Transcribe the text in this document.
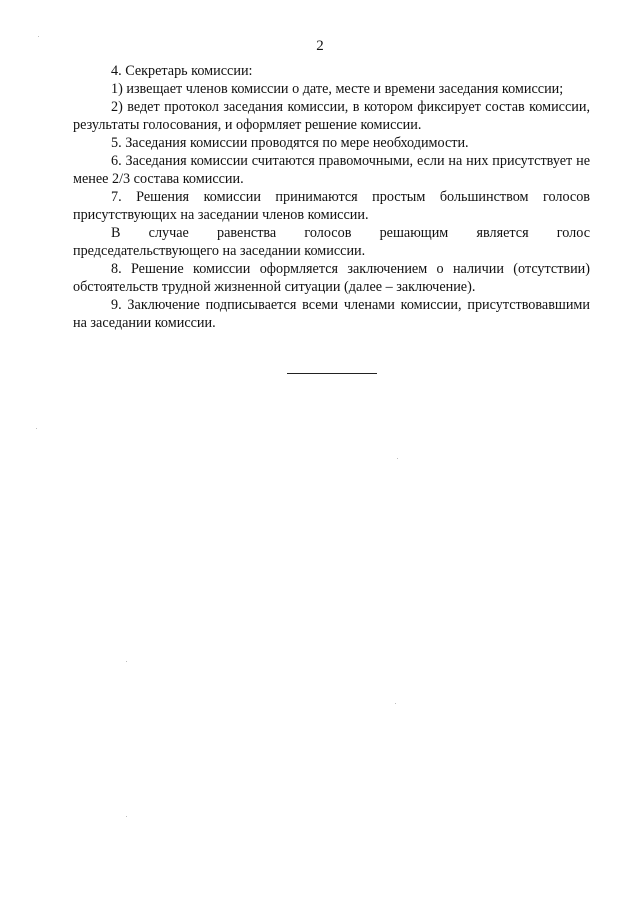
2

4. Секретарь комиссии:

1) извещает членов комиссии о дате, месте и времени заседания комиссии;

2) ведет протокол заседания комиссии, в котором фиксирует состав комиссии, результаты голосования, и оформляет решение комиссии.

5. Заседания комиссии проводятся по мере необходимости.

6. Заседания комиссии считаются правомочными, если на них присутствует не менее 2/3 состава комиссии.

7. Решения комиссии принимаются простым большинством голосов присутствующих на заседании членов комиссии.

В случае равенства голосов решающим является голос председательствующего на заседании комиссии.

8. Решение комиссии оформляется заключением о наличии (отсутствии) обстоятельств трудной жизненной ситуации (далее – заключение).

9. Заключение подписывается всеми членами комиссии, присутствовавшими на заседании комиссии.
